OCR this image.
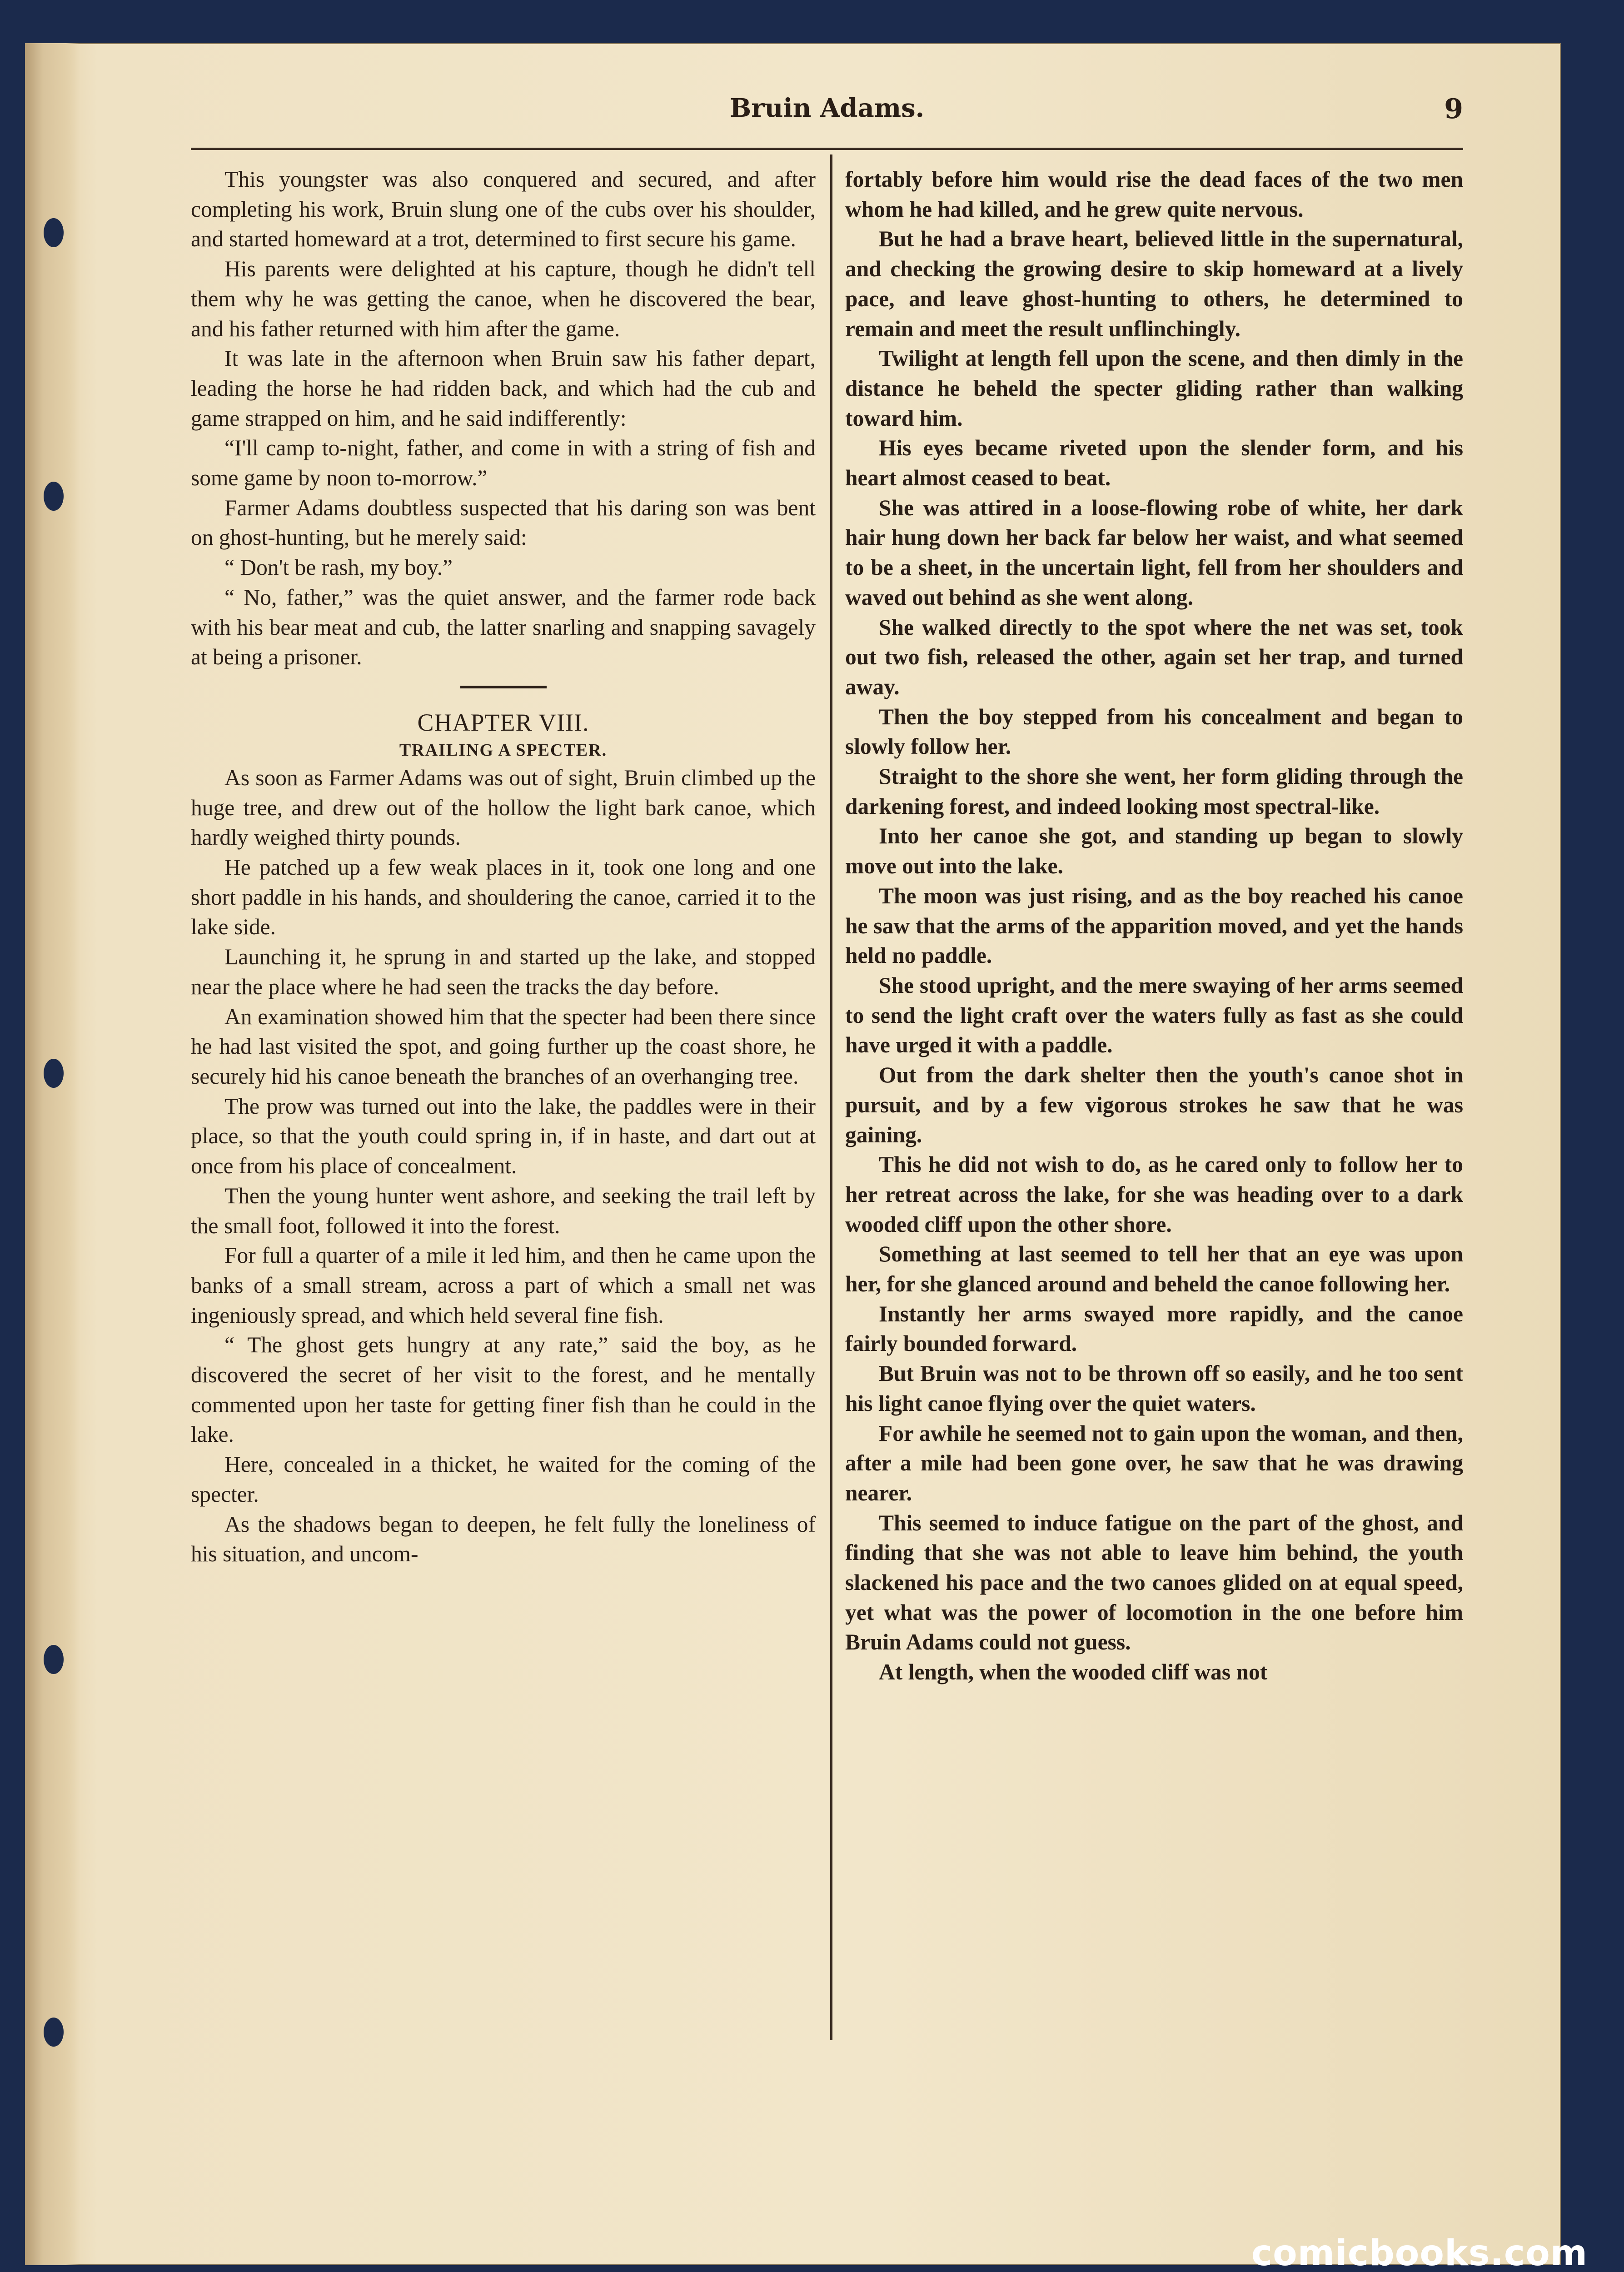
Bruin Adams.	9

This youngster was also conquered and secured, and after completing his work, Bruin slung one of the cubs over his shoulder, and started homeward at a trot, determined to first secure his game.

His parents were delighted at his capture, though he didn't tell them why he was getting the canoe, when he discovered the bear, and his father returned with him after the game.

It was late in the afternoon when Bruin saw his father depart, leading the horse he had ridden back, and which had the cub and game strapped on him, and he said indifferently:

“I'll camp to-night, father, and come in with a string of fish and some game by noon to-morrow.”

Farmer Adams doubtless suspected that his daring son was bent on ghost-hunting, but he merely said:

“ Don't be rash, my boy.”

“ No, father,” was the quiet answer, and the farmer rode back with his bear meat and cub, the latter snarling and snapping savagely at being a prisoner.

CHAPTER VIII.

TRAILING A SPECTER.

As soon as Farmer Adams was out of sight, Bruin climbed up the huge tree, and drew out of the hollow the light bark canoe, which hardly weighed thirty pounds.

He patched up a few weak places in it, took one long and one short paddle in his hands, and shouldering the canoe, carried it to the lake side.

Launching it, he sprung in and started up the lake, and stopped near the place where he had seen the tracks the day before.

An examination showed him that the specter had been there since he had last visited the spot, and going further up the coast shore, he securely hid his canoe beneath the branches of an overhanging tree.

The prow was turned out into the lake, the paddles were in their place, so that the youth could spring in, if in haste, and dart out at once from his place of concealment.

Then the young hunter went ashore, and seeking the trail left by the small foot, followed it into the forest.

For full a quarter of a mile it led him, and then he came upon the banks of a small stream, across a part of which a small net was ingeniously spread, and which held several fine fish.

“ The ghost gets hungry at any rate,” said the boy, as he discovered the secret of her visit to the forest, and he mentally commented upon her taste for getting finer fish than he could in the lake.

Here, concealed in a thicket, he waited for the coming of the specter.

As the shadows began to deepen, he felt fully the loneliness of his situation, and uncom-

fortably before him would rise the dead faces of the two men whom he had killed, and he grew quite nervous.

But he had a brave heart, believed little in the supernatural, and checking the growing desire to skip homeward at a lively pace, and leave ghost-hunting to others, he determined to remain and meet the result unflinchingly.

Twilight at length fell upon the scene, and then dimly in the distance he beheld the specter gliding rather than walking toward him.

His eyes became riveted upon the slender form, and his heart almost ceased to beat.

She was attired in a loose-flowing robe of white, her dark hair hung down her back far below her waist, and what seemed to be a sheet, in the uncertain light, fell from her shoulders and waved out behind as she went along.

She walked directly to the spot where the net was set, took out two fish, released the other, again set her trap, and turned away.

Then the boy stepped from his concealment and began to slowly follow her.

Straight to the shore she went, her form gliding through the darkening forest, and indeed looking most spectral-like.

Into her canoe she got, and standing up began to slowly move out into the lake.

The moon was just rising, and as the boy reached his canoe he saw that the arms of the apparition moved, and yet the hands held no paddle.

She stood upright, and the mere swaying of her arms seemed to send the light craft over the waters fully as fast as she could have urged it with a paddle.

Out from the dark shelter then the youth's canoe shot in pursuit, and by a few vigorous strokes he saw that he was gaining.

This he did not wish to do, as he cared only to follow her to her retreat across the lake, for she was heading over to a dark wooded cliff upon the other shore.

Something at last seemed to tell her that an eye was upon her, for she glanced around and beheld the canoe following her.

Instantly her arms swayed more rapidly, and the canoe fairly bounded forward.

But Bruin was not to be thrown off so easily, and he too sent his light canoe flying over the quiet waters.

For awhile he seemed not to gain upon the woman, and then, after a mile had been gone over, he saw that he was drawing nearer.

This seemed to induce fatigue on the part of the ghost, and finding that she was not able to leave him behind, the youth slackened his pace and the two canoes glided on at equal speed, yet what was the power of locomotion in the one before him Bruin Adams could not guess.

At length, when the wooded cliff was not

comicbooks.com
